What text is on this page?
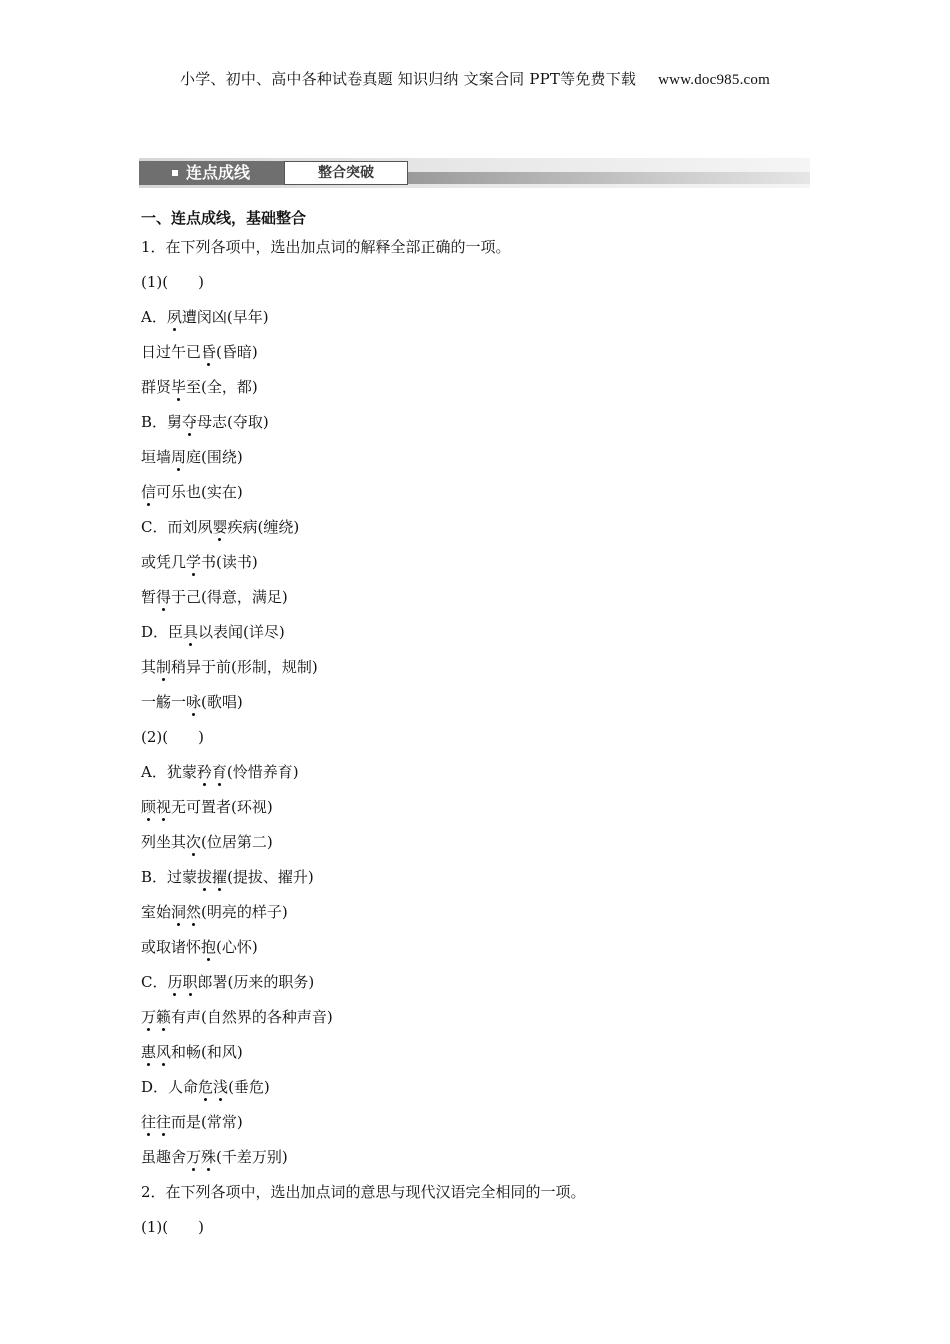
小学、初中、高中各种试卷真题 知识归纳 文案合同 PPT等免费下载 www.doc985.com
连点成线	整合突破
一、连点成线，基础整合
1．在下列各项中，选出加点词的解释全部正确的一项。
(1)(　　)
A．夙遭闵凶(早年)
日过午已昏(昏暗)
群贤毕至(全，都)
B．舅夺母志(夺取)
垣墙周庭(围绕)
信可乐也(实在)
C．而刘夙婴疾病(缠绕)
或凭几学书(读书)
暂得于己(得意，满足)
D．臣具以表闻(详尽)
其制稍异于前(形制，规制)
一觞一咏(歌唱)
(2)(　　)
A．犹蒙矜育(怜惜养育)
顾视无可置者(环视)
列坐其次(位居第二)
B．过蒙拔擢(提拔、擢升)
室始洞然(明亮的样子)
或取诸怀抱(心怀)
C．历职郎署(历来的职务)
万籁有声(自然界的各种声音)
惠风和畅(和风)
D．人命危浅(垂危)
往往而是(常常)
虽趣舍万殊(千差万别)
2．在下列各项中，选出加点词的意思与现代汉语完全相同的一项。
(1)(　　)
